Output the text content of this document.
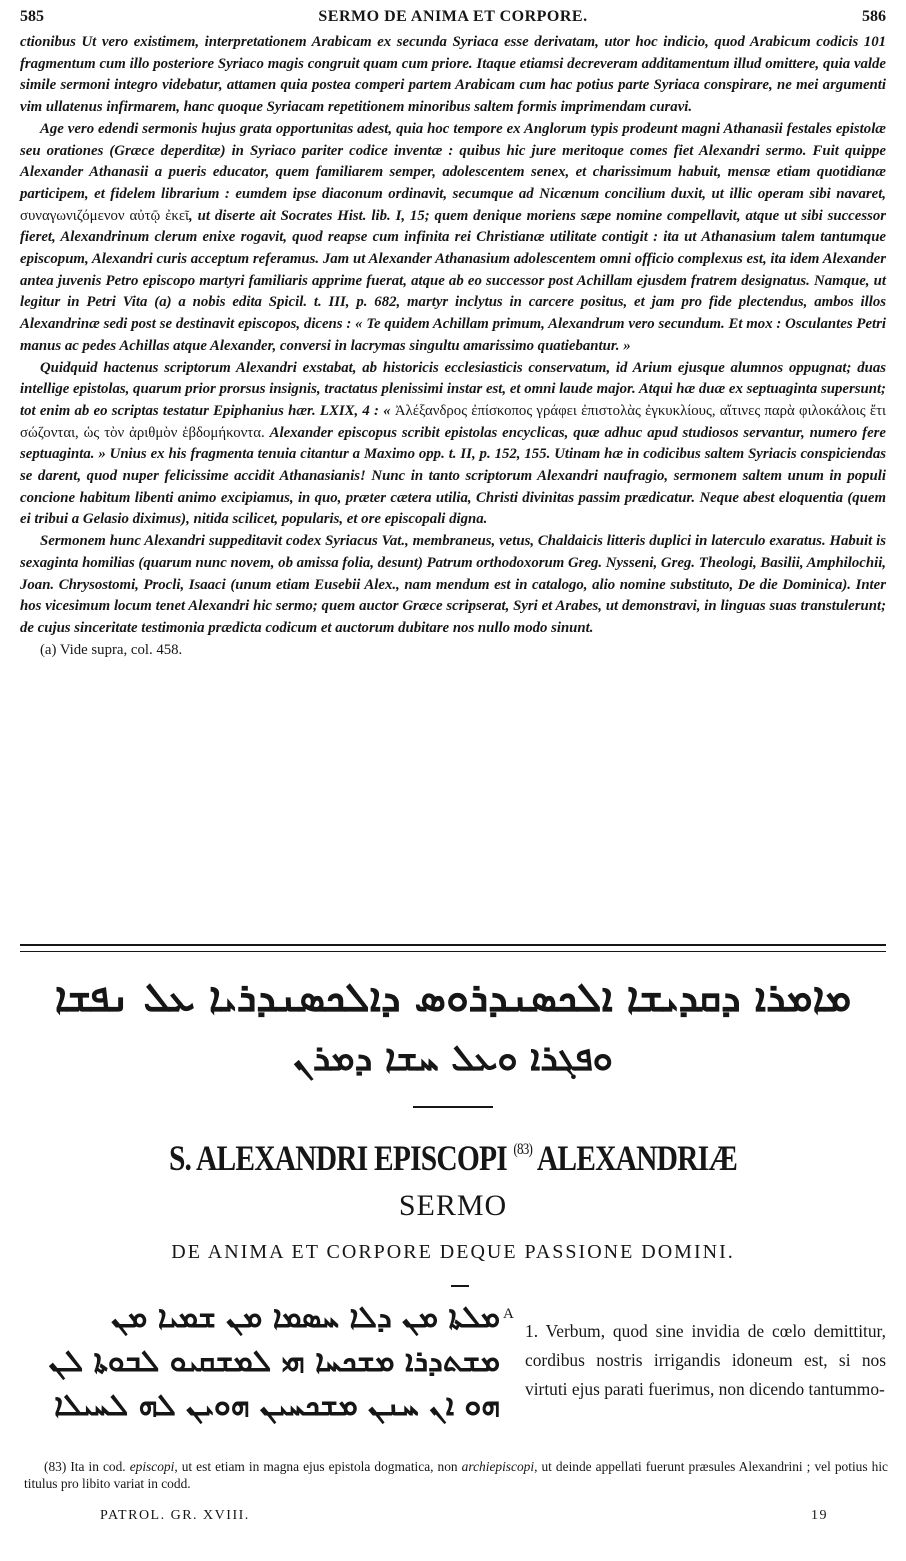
585	SERMO DE ANIMA ET CORPORE.	586

ctionibus Ut vero existimem, interpretationem Arabicam ex secunda Syriaca esse derivatam, utor hoc indicio, quod Arabicum codicis 101 fragmentum cum illo posteriore Syriaco magis congruit quam cum priore. Itaque etiamsi decreveram additamentum illud omittere, quia valde simile sermoni integro videbatur, attamen quia postea comperi partem Arabicam cum hac potius parte Syriaca conspirare, ne mei argumenti vim ullatenus infirmarem, hanc quoque Syriacam repetitionem minoribus saltem formis imprimendam curavi.

Age vero edendi sermonis hujus grata opportunitas adest, quia hoc tempore ex Anglorum typis prodeunt magni Athanasii festales epistolæ seu orationes (Græce deperditæ) in Syriaco pariter codice inventæ : quibus hic jure meritoque comes fiet Alexandri sermo. Fuit quippe Alexander Athanasii a pueris educator, quem familiarem semper, adolescentem senex, et charissimum habuit, mensæ etiam quotidianæ participem, et fidelem librarium : eumdem ipse diaconum ordinavit, secumque ad Nicænum concilium duxit, ut illic operam sibi navaret, συναγωνιζόμενον αὐτῷ ἐκεῖ, ut diserte ait Socrates Hist. lib. I, 15; quem denique moriens sæpe nomine compellavit, atque ut sibi successor fieret, Alexandrinum clerum enixe rogavit, quod reapse cum infinita rei Christianæ utilitate contigit : ita ut Athanasium talem tantumque episcopum, Alexandri curis acceptum referamus. Jam ut Alexander Athanasium adolescentem omni officio complexus est, ita idem Alexander antea juvenis Petro episcopo martyri familiaris apprime fuerat, atque ab eo successor post Achillam ejusdem fratrem designatus. Namque, ut legitur in Petri Vita (a) a nobis edita Spicil. t. III, p. 682, martyr inclytus in carcere positus, et jam pro fide plectendus, ambos illos Alexandrinæ sedi post se destinavit episcopos, dicens : « Te quidem Achillam primum, Alexandrum vero secundum. Et mox : Osculantes Petri manus ac pedes Achillas atque Alexander, conversi in lacrymas singultu amarissimo quatiebantur. »

Quidquid hactenus scriptorum Alexandri exstabat, ab historicis ecclesiasticis conservatum, id Arium ejusque alumnos oppugnat; duas intellige epistolas, quarum prior prorsus insignis, tractatus plenissimi instar est, et omni laude major. Atqui hæ duæ ex septuaginta supersunt; tot enim ab eo scriptas testatur Epiphanius hær. LXIX, 4 : « Ἀλέξανδρος ἐπίσκοπος γράφει ἐπιστολὰς ἐγκυκλίους, αἵτινες παρὰ φιλοκάλοις ἔτι σώζονται, ὡς τὸν ἀριθμὸν ἑβδομήκοντα. Alexander episcopus scribit epistolas encyclicas, quæ adhuc apud studiosos servantur, numero fere septuaginta. » Unius ex his fragmenta tenuia citantur a Maximo opp. t. II, p. 152, 155. Utinam hæ in codicibus saltem Syriacis conspiciendas se darent, quod nuper felicissime accidit Athanasianis! Nunc in tanto scriptorum Alexandri naufragio, sermonem saltem unum in populi concione habitum libenti animo excipiamus, in quo, præter cætera utilia, Christi divinitas passim prædicatur. Neque abest eloquentia (quem ei tribui a Gelasio diximus), nitida scilicet, popularis, et ore episcopali digna.

Sermonem hunc Alexandri suppeditavit codex Syriacus Vat., membraneus, vetus, Chaldaicis litteris duplici in laterculo exaratus. Habuit is sexaginta homilias (quarum nunc novem, ob amissa folia, desunt) Patrum orthodoxorum Greg. Nysseni, Greg. Theologi, Basilii, Amphilochii, Joan. Chrysostomi, Procli, Isaaci (unum etiam Eusebii Alex., nam mendum est in catalogo, alio nomine substituto, De die Dominica). Inter hos vicesimum locum tenet Alexandri hic sermo; quem auctor Græce scripserat, Syri et Arabes, ut demonstravi, in linguas suas transtulerunt; de cujus sinceritate testimonia prædicta codicum et auctorum dubitare nos nullo modo sinunt.

(a) Vide supra, col. 458.

ܡܐܡܪܐ ܕܩܕܝܫܐ ܐܠܟܣܢܕܪܘܣ ܕܐܠܟܣܢܕܪܝܐ ܥܠ ܢܦܫܐ
ܘܦܓܪܐ ܘܥܠ ܚܫܐ ܕܡܪܢ
S. ALEXANDRI EPISCOPI $^{(83)}$ ALEXANDRIÆ
SERMO
DE ANIMA ET CORPORE DEQUE PASSIONE DOMINI.
ܡܠܬܐ ܡܢ ܕܠܐ ܚܣܡܐ ܡܢ ܫܡܝܐ ܡܢ
ܡܫܬܕܪܐ ܡܫܟܚܐ ܗܝ ܠܡܫܩܝܘ ܠܒܘܬܐ ܠܢ
ܗܘ ܐܢ ܚܢܢ ܡܫܟܚܝܢ ܗܘܝܢ ܠܗ ܠܚܝܠܐ
A
1. Verbum, quod sine invidia de cœlo demittitur, cordibus nostris irrigandis idoneum est, si nos virtuti ejus parati fuerimus, non dicendo tantummo-
(83) Ita in cod. episcopi, ut est etiam in magna ejus epistola dogmatica, non archiepiscopi, ut deinde appellati fuerunt præsules Alexandrini ; vel potius hic titulus pro libito variat in codd.
PATROL. GR. XVIII.	19
